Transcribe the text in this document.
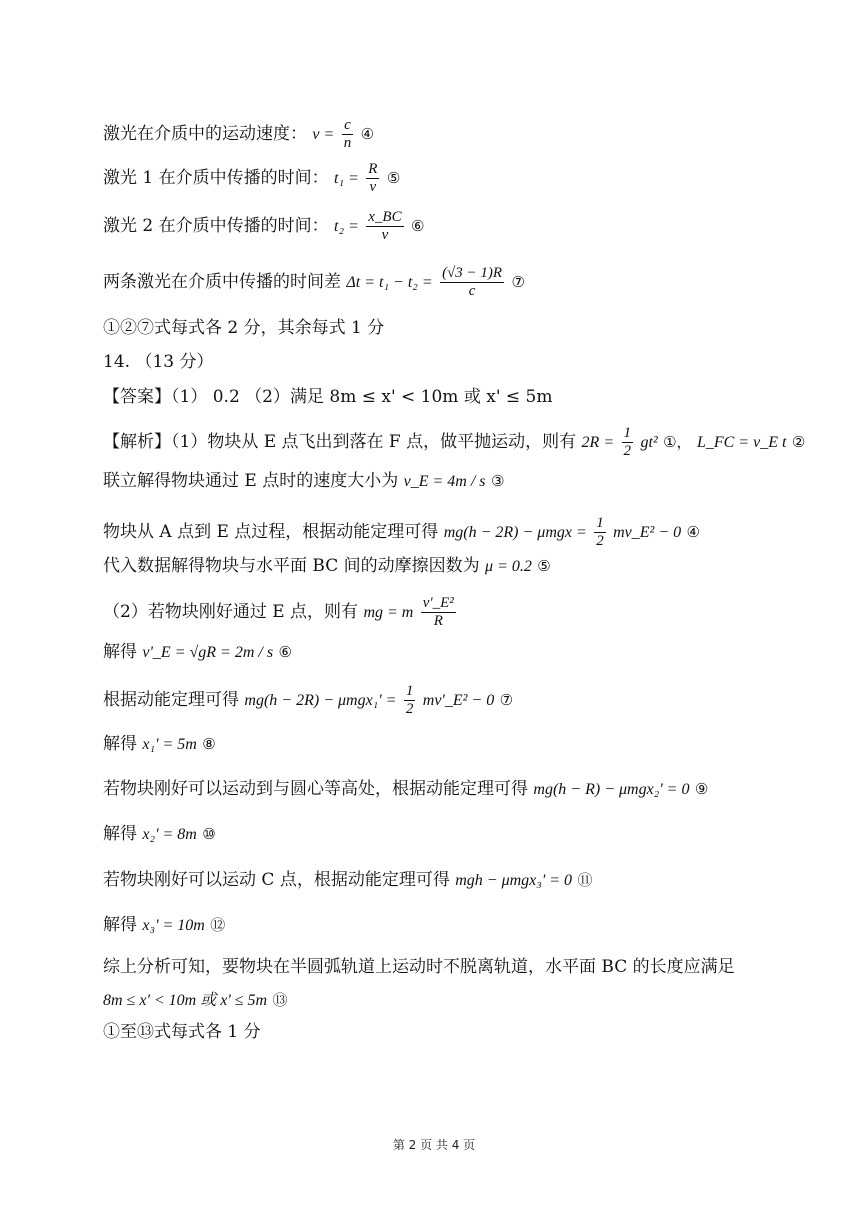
激光在介质中的运动速度： $v = \frac{c}{n}$ ④
激光 1 在介质中传播的时间： $t_1 = \frac{R}{v}$ ⑤
激光 2 在介质中传播的时间： $t_2 = \frac{x\_BC}{v}$ ⑥
两条激光在介质中传播的时间差 $\Delta t = t_1 - t_2 = \frac{(√3 - 1)R}{c}$ ⑦
①②⑦式每式各 2 分，其余每式 1 分
14. （13 分）
【答案】（1） 0.2 （2）满足 8m ≤ x' < 10m 或 x' ≤ 5m
【解析】（1）物块从 E 点飞出到落在 F 点，做平抛运动，则有 $2R = \frac{1}{2} gt^2$ ①， L_FC = v_E t ②
联立解得物块通过 E 点时的速度大小为 v_E = 4m / s ③
物块从 A 点到 E 点过程，根据动能定理可得 $mg(h - 2R) - \mu mgx = \frac{1}{2}$ mv_E² − 0 ④
代入数据解得物块与水平面 BC 间的动摩擦因数为 μ = 0.2 ⑤
（2）若物块刚好通过 E 点，则有 mg = m $\frac{\text{v'\_E²}}{R}$
解得 v'_E = √gR = 2m / s ⑥
根据动能定理可得 $mg(h - 2R) - \mu mgx_1' = \frac{1}{2}$ mv'_E² − 0 ⑦
解得 x₁' = 5m ⑧
若物块刚好可以运动到与圆心等高处，根据动能定理可得 mg(h − R) − μmgx₂' = 0 ⑨
解得 x₂' = 8m ⑩
若物块刚好可以运动 C 点，根据动能定理可得 mgh − μmgx₃' = 0 ⑪
解得 x₃' = 10m ⑫
综上分析可知，要物块在半圆弧轨道上运动时不脱离轨道，水平面 BC 的长度应满足
8m ≤ x' < 10m 或 x' ≤ 5m ⑬
①至⑬式每式各 1 分
第 2 页 共 4 页
